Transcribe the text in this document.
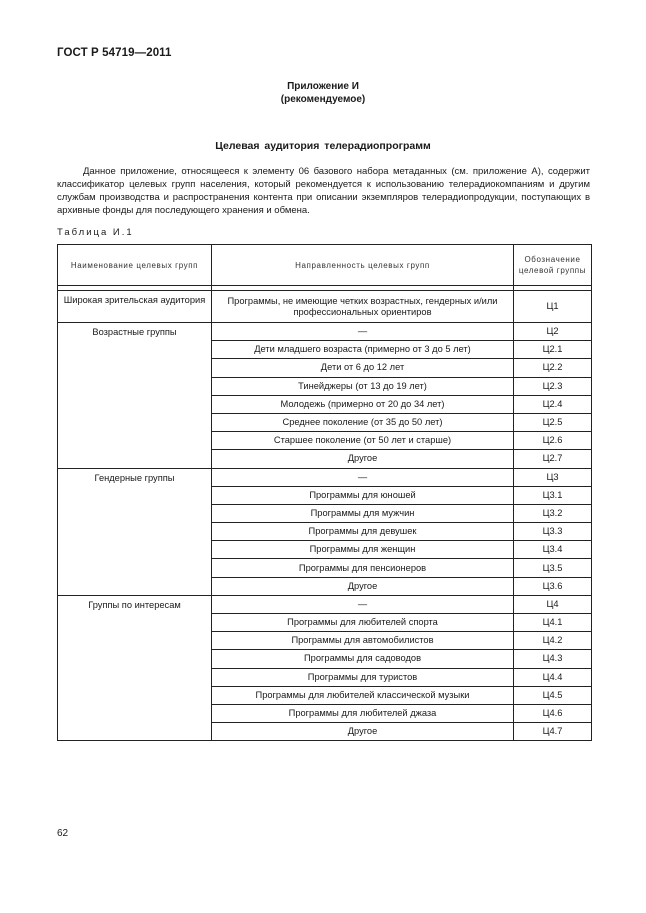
ГОСТ Р 54719—2011
Приложение И
(рекомендуемое)
Целевая аудитория телерадиопрограмм

Данное приложение, относящееся к элементу 06 базового набора метаданных (см. приложение А), содержит классификатор целевых групп населения, который рекомендуется к использованию телерадиокомпаниям и другим службам производства и распространения контента при описании экземпляров телерадиопродукции, поступающих в архивные фонды для последующего хранения и обмена.

Таблица И.1
Наименование целевых групп	Направленность целевых групп	Обозначение целевой группы

Широкая зрительская аудитория	Программы, не имеющие четких возрастных, гендерных и/или профессиональных ориентиров	Ц1
Возрастные группы	—	Ц2
	Дети младшего возраста (примерно от 3 до 5 лет)	Ц2.1
	Дети от 6 до 12 лет	Ц2.2
	Тинейджеры (от 13 до 19 лет)	Ц2.3
	Молодежь (примерно от 20 до 34 лет)	Ц2.4
	Среднее поколение (от 35 до 50 лет)	Ц2.5
	Старшее поколение (от 50 лет и старше)	Ц2.6
	Другое	Ц2.7
Гендерные группы	—	Ц3
	Программы для юношей	Ц3.1
	Программы для мужчин	Ц3.2
	Программы для девушек	Ц3.3
	Программы для женщин	Ц3.4
	Программы для пенсионеров	Ц3.5
	Другое	Ц3.6
Группы по интересам	—	Ц4
	Программы для любителей спорта	Ц4.1
	Программы для автомобилистов	Ц4.2
	Программы для садоводов	Ц4.3
	Программы для туристов	Ц4.4
	Программы для любителей классической музыки	Ц4.5
	Программы для любителей джаза	Ц4.6
	Другое	Ц4.7
62
